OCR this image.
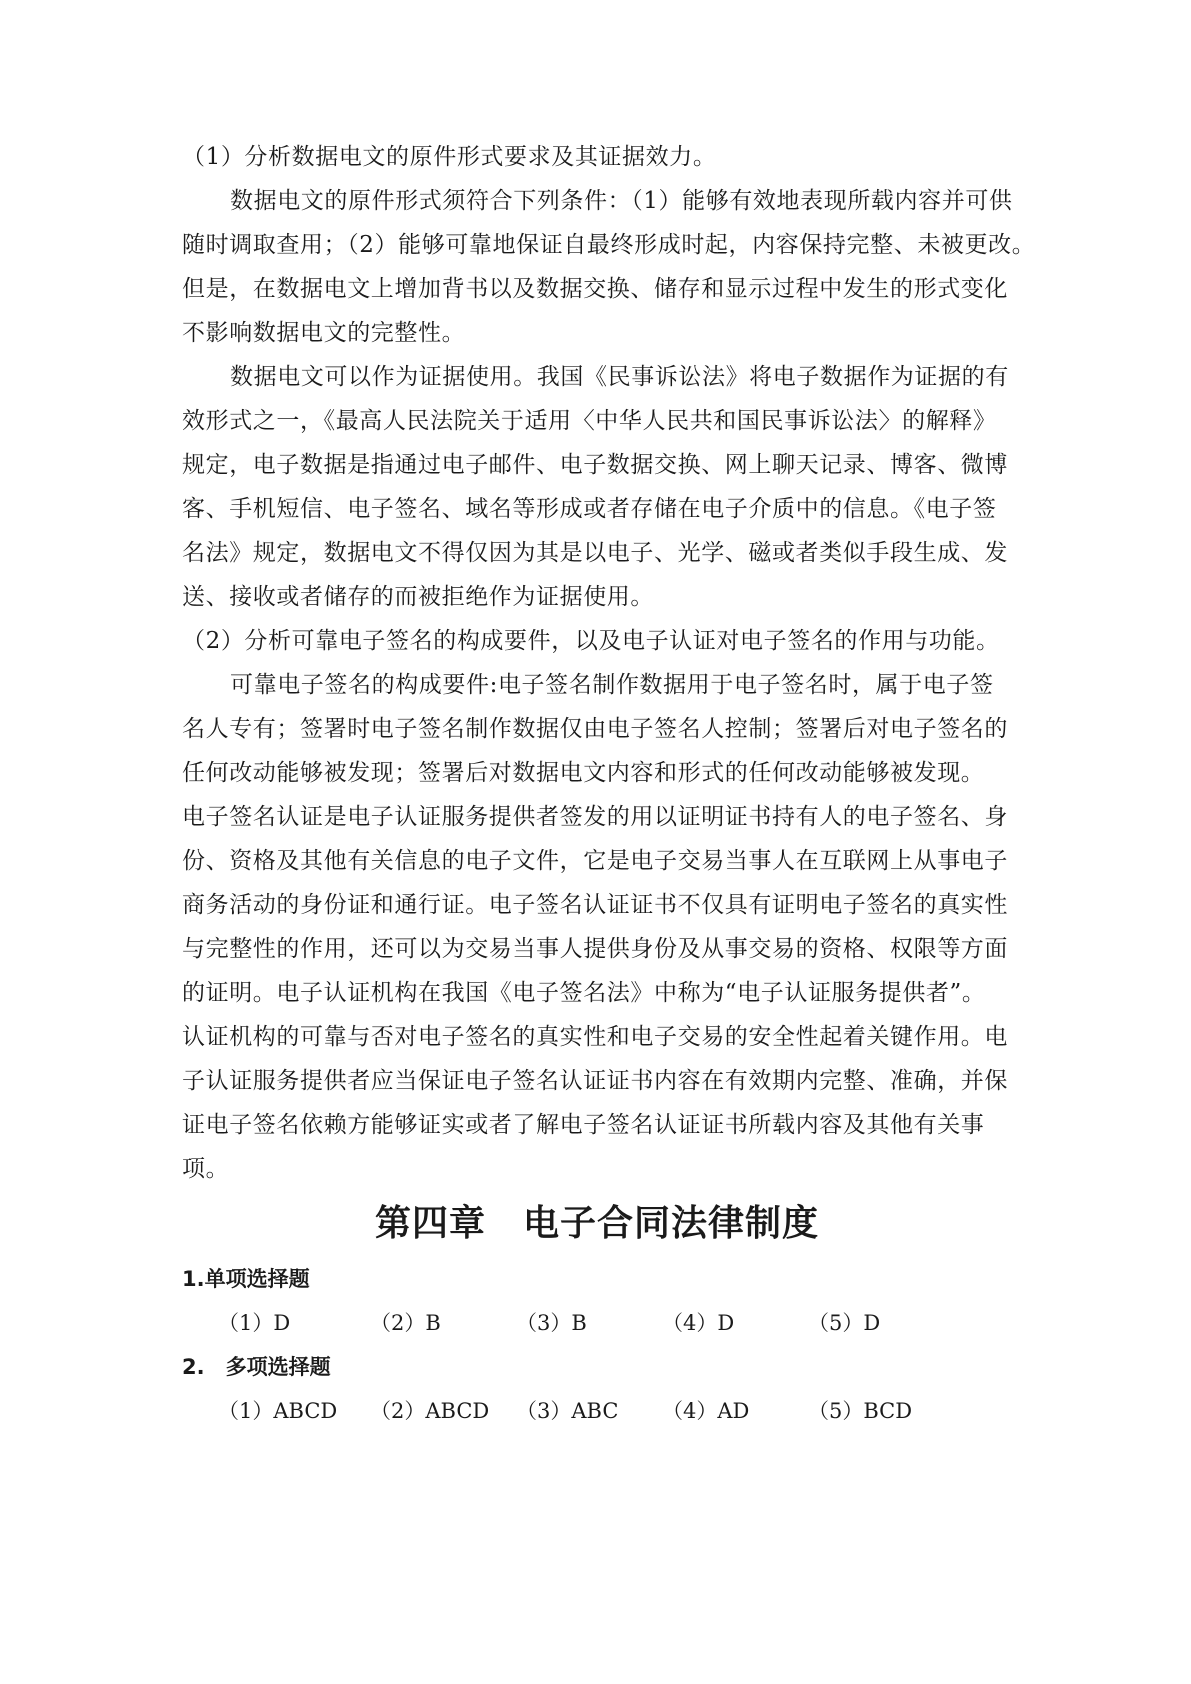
（1）分析数据电文的原件形式要求及其证据效力。
数据电文的原件形式须符合下列条件：（1）能够有效地表现所载内容并可供
随时调取查用；（2）能够可靠地保证自最终形成时起，内容保持完整、未被更改。
但是，在数据电文上增加背书以及数据交换、储存和显示过程中发生的形式变化
不影响数据电文的完整性。
数据电文可以作为证据使用。我国《民事诉讼法》将电子数据作为证据的有
效形式之一，《最高人民法院关于适用〈中华人民共和国民事诉讼法〉的解释》
规定，电子数据是指通过电子邮件、电子数据交换、网上聊天记录、博客、微博
客、手机短信、电子签名、域名等形成或者存储在电子介质中的信息。《电子签
名法》规定，数据电文不得仅因为其是以电子、光学、磁或者类似手段生成、发
送、接收或者储存的而被拒绝作为证据使用。
（2）分析可靠电子签名的构成要件，以及电子认证对电子签名的作用与功能。
可靠电子签名的构成要件:电子签名制作数据用于电子签名时，属于电子签
名人专有；签署时电子签名制作数据仅由电子签名人控制；签署后对电子签名的
任何改动能够被发现；签署后对数据电文内容和形式的任何改动能够被发现。
电子签名认证是电子认证服务提供者签发的用以证明证书持有人的电子签名、身
份、资格及其他有关信息的电子文件，它是电子交易当事人在互联网上从事电子
商务活动的身份证和通行证。电子签名认证证书不仅具有证明电子签名的真实性
与完整性的作用，还可以为交易当事人提供身份及从事交易的资格、权限等方面
的证明。电子认证机构在我国《电子签名法》中称为“电子认证服务提供者”。
认证机构的可靠与否对电子签名的真实性和电子交易的安全性起着关键作用。电
子认证服务提供者应当保证电子签名认证证书内容在有效期内完整、准确，并保
证电子签名依赖方能够证实或者了解电子签名认证证书所载内容及其他有关事
项。
第四章　电子合同法律制度
1.单项选择题
（1）D	（2）B	（3）B	（4）D	（5）D
2.　多项选择题
（1）ABCD （2）ABCD （3）ABC （4）AD	（5）BCD
